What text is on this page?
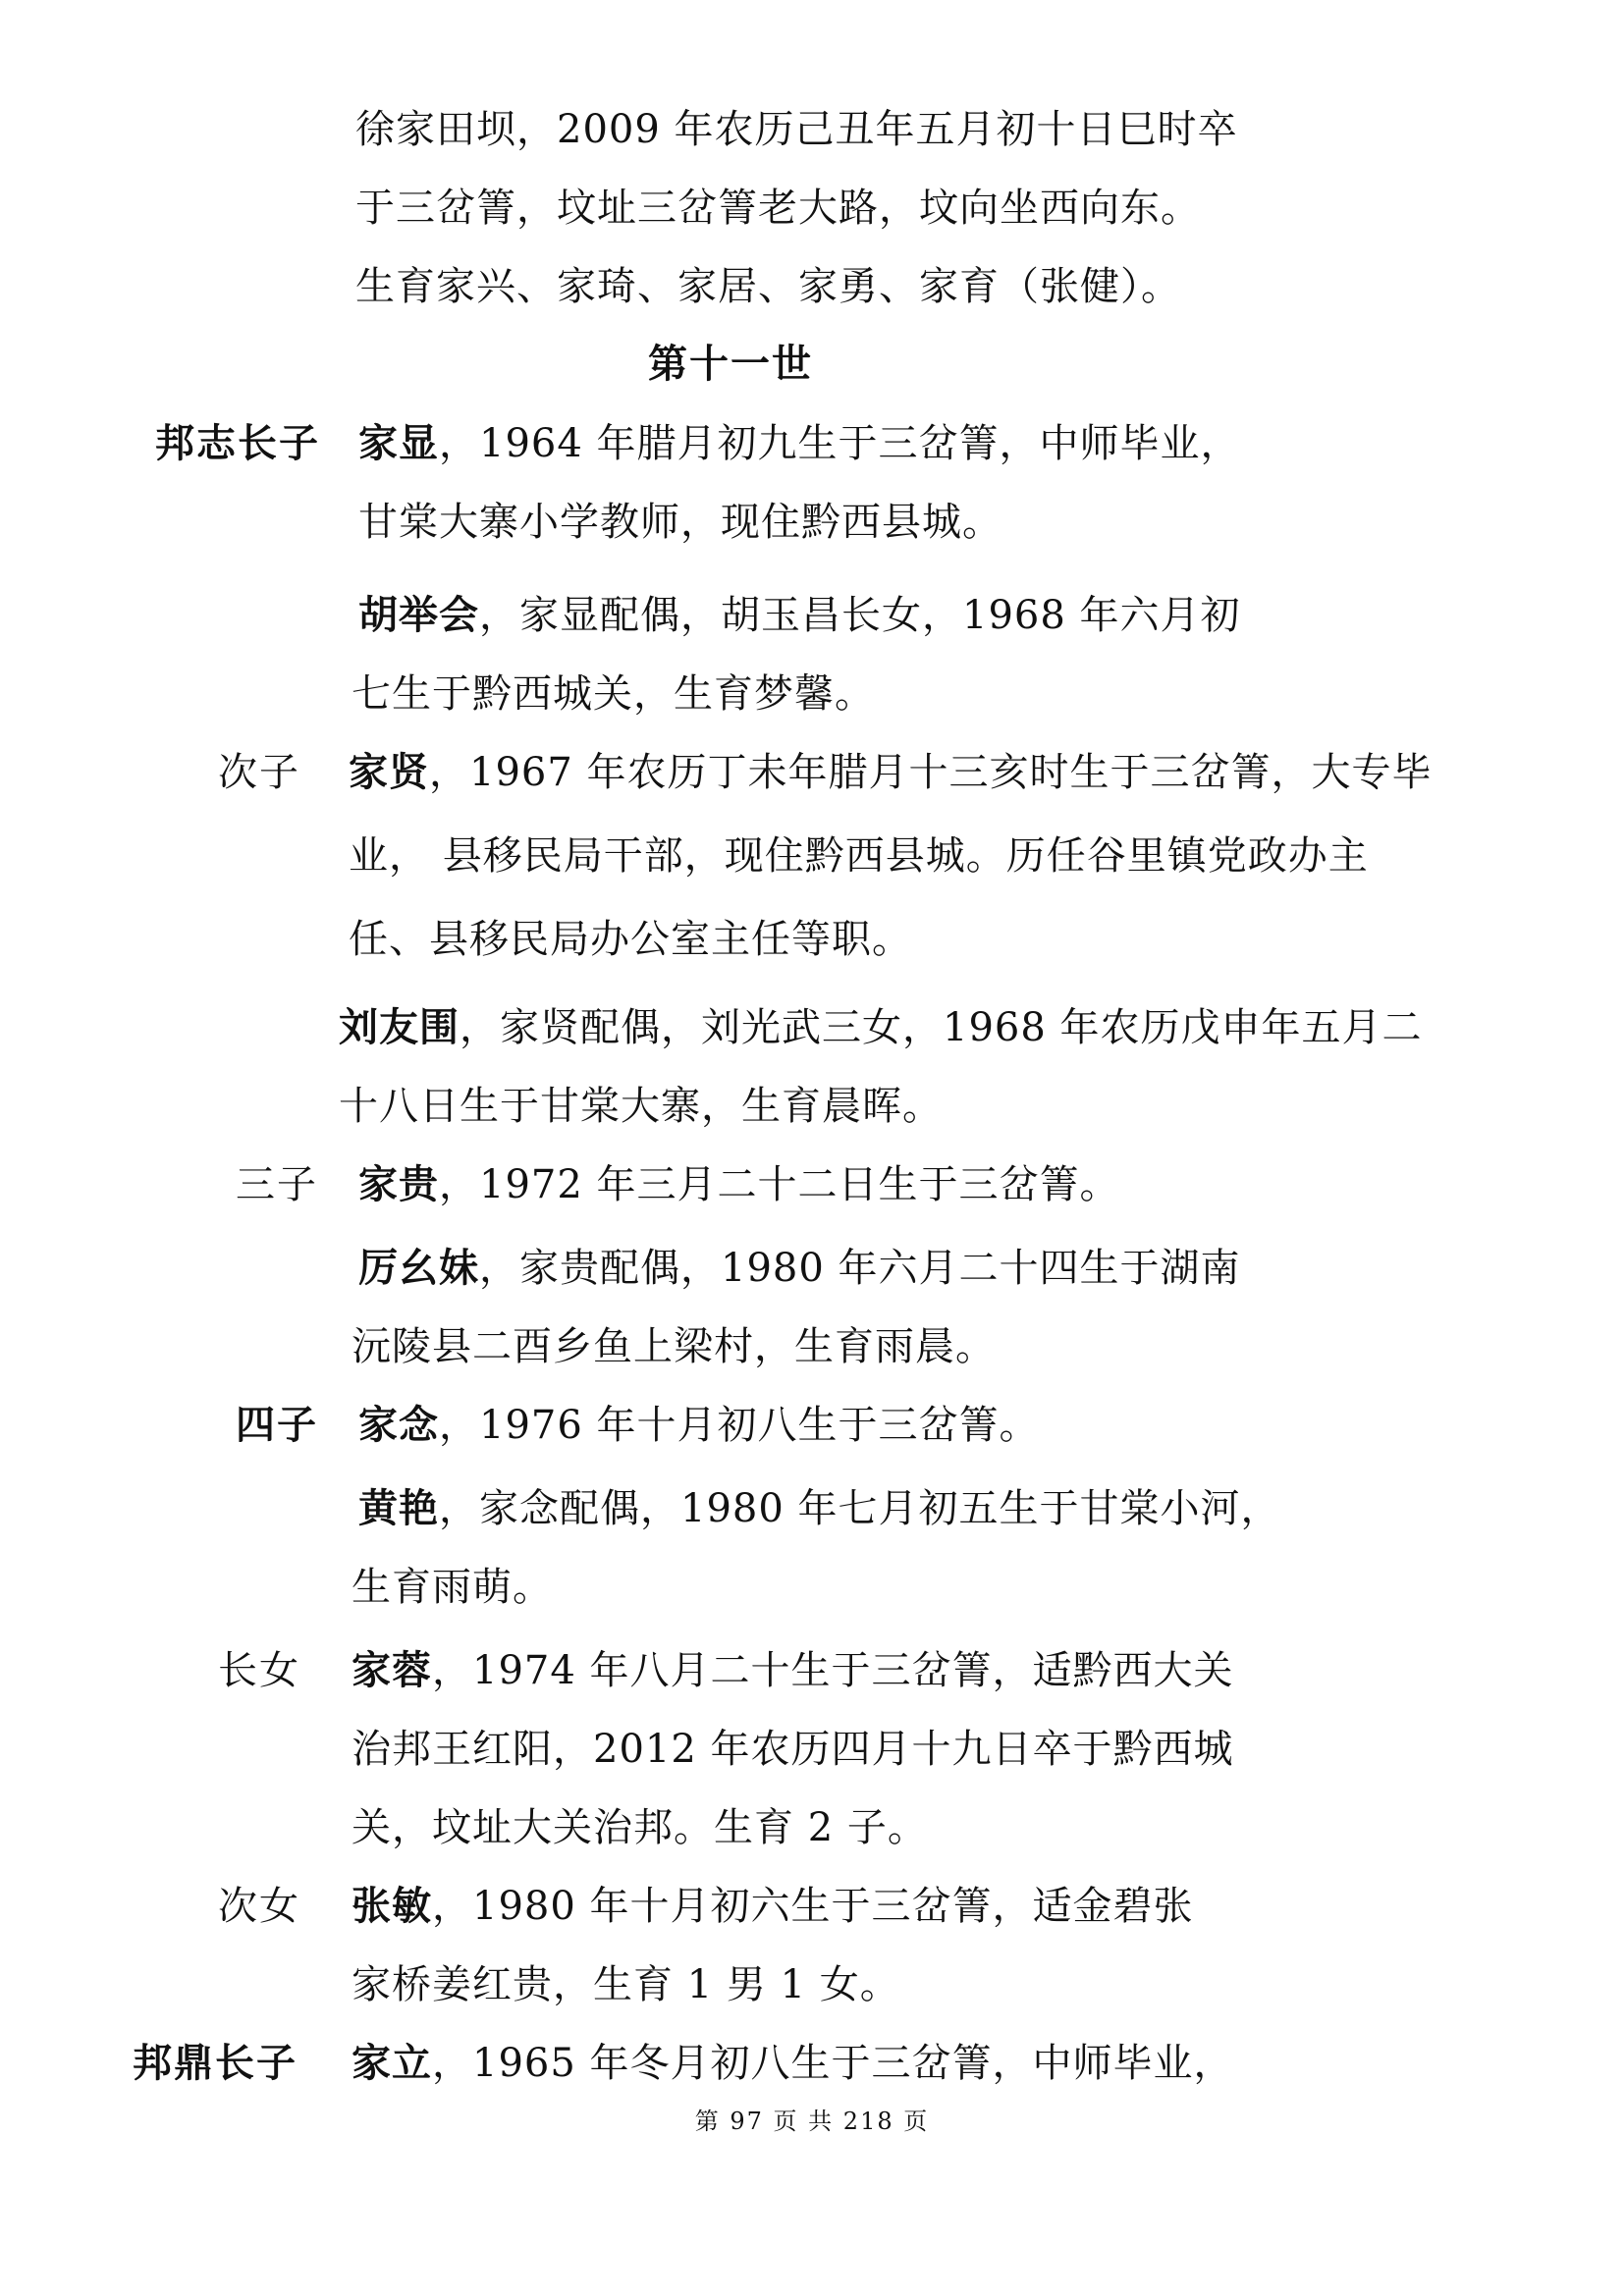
徐家田坝，2009 年农历己丑年五月初十日巳时卒
于三岔箐，坟址三岔箐老大路，坟向坐西向东。
生育家兴、家琦、家居、家勇、家育（张健）。
第十一世
邦志长子 家显，1964 年腊月初九生于三岔箐，中师毕业，
甘棠大寨小学教师，现住黔西县城。
胡举会，家显配偶，胡玉昌长女，1968 年六月初
七生于黔西城关，生育梦馨。
次子 家贤，1967 年农历丁未年腊月十三亥时生于三岔箐，大专毕
业， 县移民局干部，现住黔西县城。历任谷里镇党政办主
任、县移民局办公室主任等职。
刘友围，家贤配偶，刘光武三女，1968 年农历戊申年五月二
十八日生于甘棠大寨，生育晨晖。
三子 家贵，1972 年三月二十二日生于三岔箐。
厉幺妹，家贵配偶，1980 年六月二十四生于湖南
沅陵县二酉乡鱼上梁村，生育雨晨。
四子 家念，1976 年十月初八生于三岔箐。
黄艳，家念配偶，1980 年七月初五生于甘棠小河，
生育雨萌。
长女 家蓉，1974 年八月二十生于三岔箐，适黔西大关
治邦王红阳，2012 年农历四月十九日卒于黔西城
关，坟址大关治邦。生育 2 子。
次女 张敏，1980 年十月初六生于三岔箐，适金碧张
家桥姜红贵，生育 1 男 1 女。
邦鼎长子 家立，1965 年冬月初八生于三岔箐，中师毕业，
第 97 页 共 218 页
